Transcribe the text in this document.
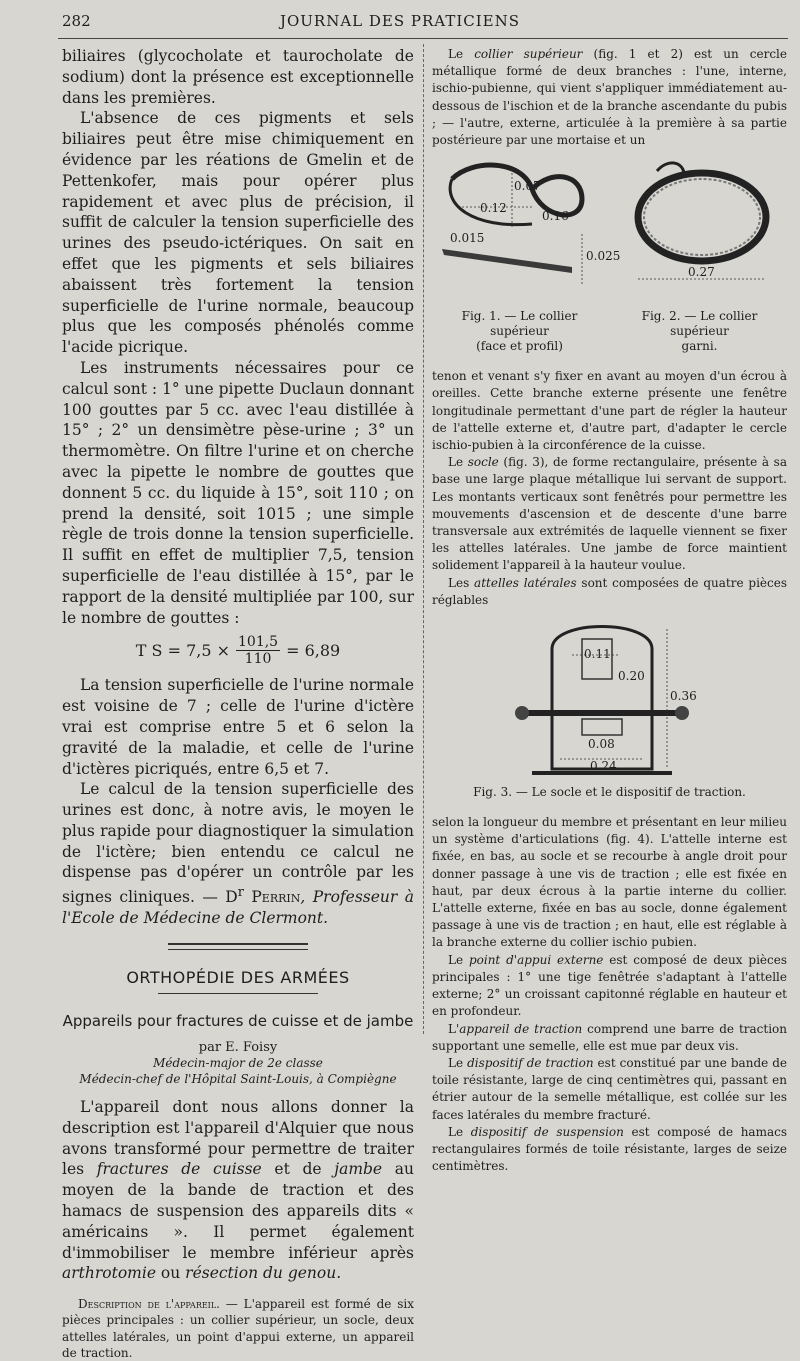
282	JOURNAL DES PRATICIENS

biliaires (glycocholate et taurocholate de sodium) dont la présence est exceptionnelle dans les premières.

L'absence de ces pigments et sels biliaires peut être mise chimiquement en évidence par les réations de Gmelin et de Pettenkofer, mais pour opérer plus rapidement et avec plus de précision, il suffit de calculer la tension superficielle des urines des pseudo-ictériques. On sait en effet que les pigments et sels biliaires abaissent très fortement la tension superficielle de l'urine normale, beaucoup plus que les composés phénolés comme l'acide picrique.

Les instruments nécessaires pour ce calcul sont : 1° une pipette Duclaun donnant 100 gouttes par 5 cc. avec l'eau distillée à 15° ; 2° un densimètre pèse-urine ; 3° un thermomètre. On filtre l'urine et on cherche avec la pipette le nombre de gouttes que donnent 5 cc. du liquide à 15°, soit 110 ; on prend la densité, soit 1015 ; une simple règle de trois donne la tension superficielle. Il suffit en effet de multiplier 7,5, tension superficielle de l'eau distillée à 15°, par le rapport de la densité multipliée par 100, sur le nombre de gouttes :

T $S = 7,5 \times \frac{101,5}{110} = 6,89$

La tension superficielle de l'urine normale est voisine de 7 ; celle de l'urine d'ictère vrai est comprise entre 5 et 6 selon la gravité de la maladie, et celle de l'urine d'ictères picriqués, entre 6,5 et 7.

Le calcul de la tension superficielle des urines est donc, à notre avis, le moyen le plus rapide pour diagnostiquer la simulation de l'ictère; bien entendu ce calcul ne dispense pas d'opérer un contrôle par les signes cliniques. — $D^r$ Perrin, Professeur à l'Ecole de Médecine de Clermont.

ORTHOPÉDIE DES ARMÉES
Appareils pour fractures de cuisse et de jambe

par E. Foisy

Médecin-major de 2e classe

Médecin-chef de l'Hôpital Saint-Louis, à Compiègne

L'appareil dont nous allons donner la description est l'appareil d'Alquier que nous avons transformé pour permettre de traiter les fractures de cuisse et de jambe au moyen de la bande de traction et des hamacs de suspension des appareils dits « américains ». Il permet également d'immobiliser le membre inférieur après arthrotomie ou résection du genou.

Description de l'appareil. — L'appareil est formé de six pièces principales : un collier supérieur, un socle, deux attelles latérales, un point d'appui externe, un appareil de traction.

Le collier supérieur (fig. 1 et 2) est un cercle métallique formé de deux branches : l'une, interne, ischio-pubienne, qui vient s'appliquer immédiatement au-dessous de l'ischion et de la branche ascendante du pubis ; — l'autre, externe, articulée à la première à sa partie postérieure par une mortaise et un

0.12
0.07
0.16
0.015
0.025
0.27
Fig. 1. — Le collier supérieur
(face et profil)
Fig. 2. — Le collier supérieur
garni.

tenon et venant s'y fixer en avant au moyen d'un écrou à oreilles. Cette branche externe présente une fenêtre longitudinale permettant d'une part de régler la hauteur de l'attelle externe et, d'autre part, d'adapter le cercle ischio-pubien à la circonférence de la cuisse.

Le socle (fig. 3), de forme rectangulaire, présente à sa base une large plaque métallique lui servant de support. Les montants verticaux sont fenêtrés pour permettre les mouvements d'ascension et de descente d'une barre transversale aux extrémités de laquelle viennent se fixer les attelles latérales. Une jambe de force maintient solidement l'appareil à la hauteur voulue.

Les attelles latérales sont composées de quatre pièces réglables

0.11
0.20
0.36
0.08
0.24
Fig. 3. — Le socle et le dispositif de traction.

selon la longueur du membre et présentant en leur milieu un système d'articulations (fig. 4). L'attelle interne est fixée, en bas, au socle et se recourbe à angle droit pour donner passage à une vis de traction ; elle est fixée en haut, par deux écrous à la partie interne du collier. L'attelle externe, fixée en bas au socle, donne également passage à une vis de traction ; en haut, elle est réglable à la branche externe du collier ischio pubien.

Le point d'appui externe est composé de deux pièces principales : 1° une tige fenêtrée s'adaptant à l'attelle externe; 2° un croissant capitonné réglable en hauteur et en profondeur.

L'appareil de traction comprend une barre de traction supportant une semelle, elle est mue par deux vis.

Le dispositif de traction est constitué par une bande de toile résistante, large de cinq centimètres qui, passant en étrier autour de la semelle métallique, est collée sur les faces latérales du membre fracturé.

Le dispositif de suspension est composé de hamacs rectangulaires formés de toile résistante, larges de seize centimètres.
